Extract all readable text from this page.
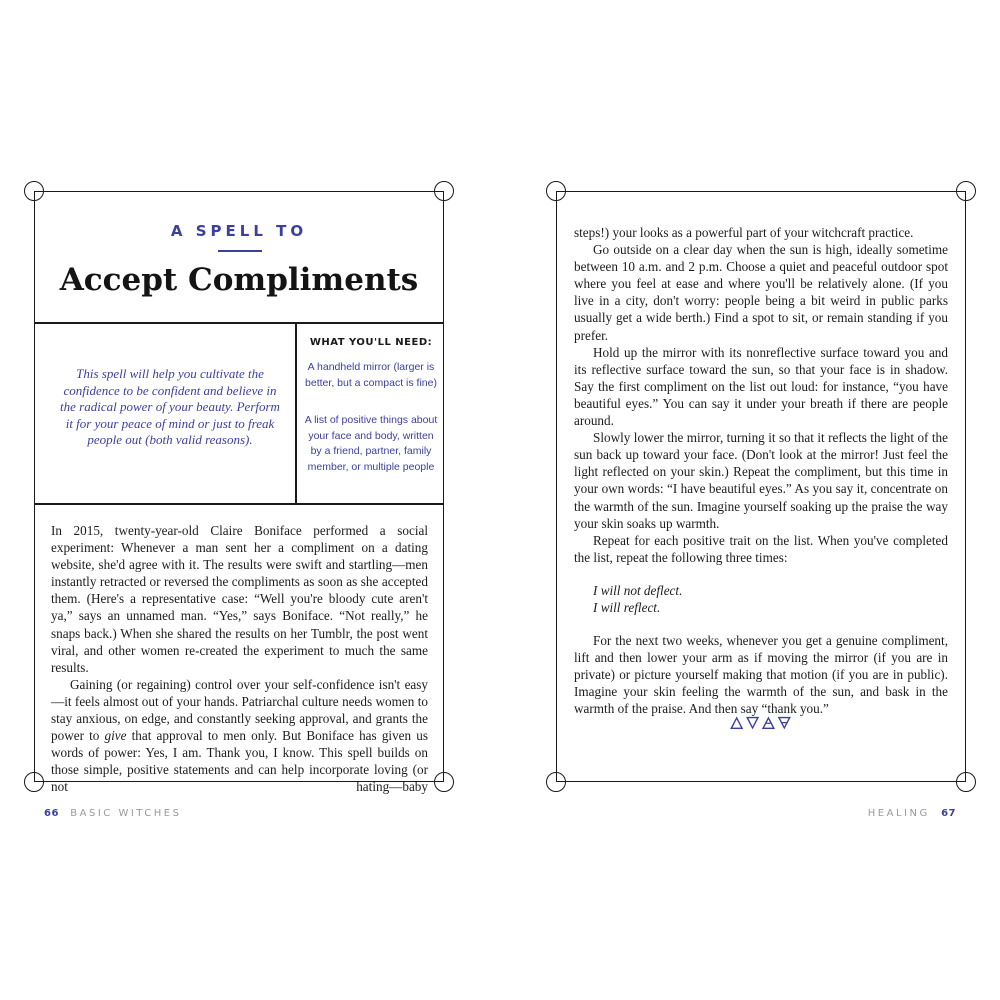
A SPELL TO
Accept Compliments
This spell will help you cultivate the confidence to be confident and believe in the radical power of your beauty. Perform it for your peace of mind or just to freak people out (both valid reasons).
WHAT YOU'LL NEED:
A handheld mirror (larger is better, but a compact is fine)
A list of positive things about your face and body, written by a friend, partner, family member, or multiple people

In 2015, twenty-year-old Claire Boniface performed a social experiment: Whenever a man sent her a compliment on a dating website, she'd agree with it. The results were swift and startling—men instantly retracted or reversed the compliments as soon as she accepted them. (Here's a representative case: “Well you're bloody cute aren't ya,” says an unnamed man. “Yes,” says Boniface. “Not really,” he snaps back.) When she shared the results on her Tumblr, the post went viral, and other women re-created the experiment to much the same results.

Gaining (or regaining) control over your self-confidence isn't easy—it feels almost out of your hands. Patriarchal culture needs women to stay anxious, on edge, and constantly seeking approval, and grants the power to give that approval to men only. But Boniface has given us words of power: Yes, I am. Thank you, I know. This spell builds on those simple, positive statements and can help incorporate loving (or not hating—baby

66 BASIC WITCHES

steps!) your looks as a powerful part of your witchcraft practice.

Go outside on a clear day when the sun is high, ideally sometime between 10 a.m. and 2 p.m. Choose a quiet and peaceful outdoor spot where you feel at ease and where you'll be relatively alone. (If you live in a city, don't worry: people being a bit weird in public parks usually get a wide berth.) Find a spot to sit, or remain standing if you prefer.

Hold up the mirror with its nonreflective surface toward you and its reflective surface toward the sun, so that your face is in shadow. Say the first compliment on the list out loud: for instance, “you have beautiful eyes.” You can say it under your breath if there are people around.

Slowly lower the mirror, turning it so that it reflects the light of the sun back up toward your face. (Don't look at the mirror! Just feel the light reflected on your skin.) Repeat the compliment, but this time in your own words: “I have beautiful eyes.” As you say it, concentrate on the warmth of the sun. Imagine yourself soaking up the praise the way your skin soaks up warmth.

Repeat for each positive trait on the list. When you've completed the list, repeat the following three times:

I will not deflect.
I will reflect.

For the next two weeks, whenever you get a genuine compliment, lift and then lower your arm as if moving the mirror (if you are in private) or picture yourself making that motion (if you are in public). Imagine your skin feeling the warmth of the sun, and bask in the warmth of the praise. And then say “thank you.”

🜂🜄🜁🜃
HEALING 67
